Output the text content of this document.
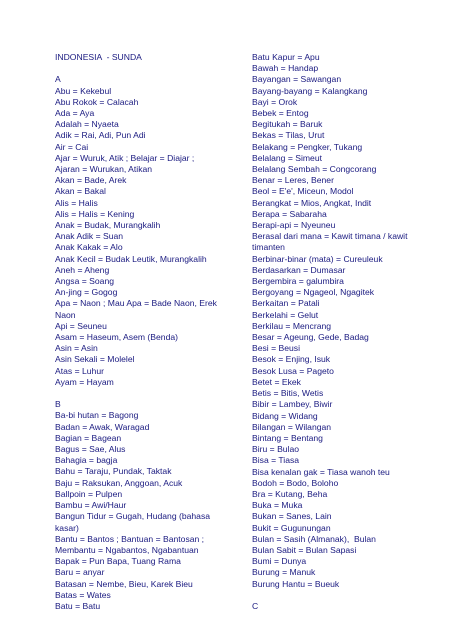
INDONESIA  - SUNDA
A
Abu = Kekebul
Abu Rokok = Calacah
Ada = Aya
Adalah = Nyaeta
Adik = Rai, Adi, Pun Adi
Air = Cai
Ajar = Wuruk, Atik ; Belajar = Diajar ;
Ajaran = Wurukan, Atikan
Akan = Bade, Arek
Akan = Bakal
Alis = Halis
Alis = Halis = Kening
Anak = Budak, Murangkalih
Anak Adik = Suan
Anak Kakak = Alo
Anak Kecil = Budak Leutik, Murangkalih
Aneh = Aheng
Angsa = Soang
An-jing = Gogog
Apa = Naon ; Mau Apa = Bade Naon, Erek
Naon
Api = Seuneu
Asam = Haseum, Asem (Benda)
Asin = Asin
Asin Sekali = Molelel
Atas = Luhur
Ayam = Hayam
B
Ba-bi hutan = Bagong
Badan = Awak, Waragad
Bagian = Bagean
Bagus = Sae, Alus
Bahagia = bagja
Bahu = Taraju, Pundak, Taktak
Baju = Raksukan, Anggoan, Acuk
Ballpoin = Pulpen
Bambu = Awi/Haur
Bangun Tidur = Gugah, Hudang (bahasa
kasar)
Bantu = Bantos ; Bantuan = Bantosan ;
Membantu = Ngabantos, Ngabantuan
Bapak = Pun Bapa, Tuang Rama
Baru = anyar
Batasan = Nembe, Bieu, Karek Bieu
Batas = Wates
Batu = Batu
Batu Kapur = Apu
Bawah = Handap
Bayangan = Sawangan
Bayang-bayang = Kalangkang
Bayi = Orok
Bebek = Entog
Begitukah = Baruk
Bekas = Tilas, Urut
Belakang = Pengker, Tukang
Belalang = Simeut
Belalang Sembah = Congcorang
Benar = Leres, Bener
Beol = E'e', Miceun, Modol
Berangkat = Mios, Angkat, Indit
Berapa = Sabaraha
Berapi-api = Nyeuneu
Berasal dari mana = Kawit timana / kawit
timanten
Berbinar-binar (mata) = Cureuleuk
Berdasarkan = Dumasar
Bergembira = galumbira
Bergoyang = Ngageol, Ngagitek
Berkaitan = Patali
Berkelahi = Gelut
Berkilau = Mencrang
Besar = Ageung, Gede, Badag
Besi = Beusi
Besok = Enjing, Isuk
Besok Lusa = Pageto
Betet = Ekek
Betis = Bitis, Wetis
Bibir = Lambey, Biwir
Bidang = Widang
Bilangan = Wilangan
Bintang = Bentang
Biru = Bulao
Bisa = Tiasa
Bisa kenalan gak = Tiasa wanoh teu
Bodoh = Bodo, Boloho
Bra = Kutang, Beha
Buka = Muka
Bukan = Sanes, Lain
Bukit = Gugunungan
Bulan = Sasih (Almanak),  Bulan
Bulan Sabit = Bulan Sapasi
Bumi = Dunya
Burung = Manuk
Burung Hantu = Bueuk
C
